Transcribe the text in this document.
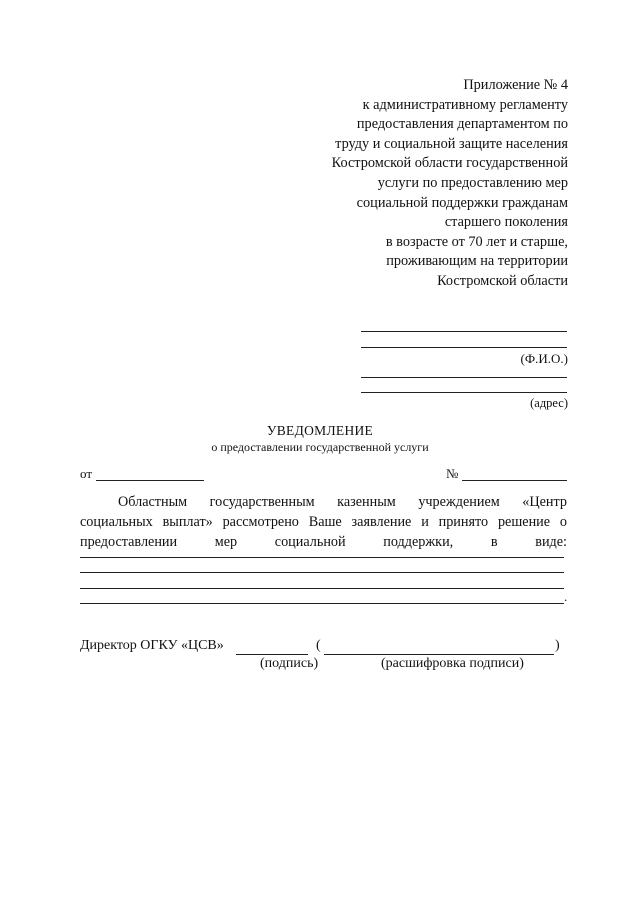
Приложение № 4
к административному регламенту
предоставления департаментом по
труду и социальной защите населения
Костромской области государственной
услуги по предоставлению мер
социальной поддержки гражданам
старшего поколения
в возрасте от 70 лет и старше,
проживающим на территории
Костромской области
(Ф.И.О.)
(адрес)
УВЕДОМЛЕНИЕ
о предоставлении государственной услуги
от	№
Областным государственным казенным учреждением «Центр
социальных выплат» рассмотрено Ваше заявление и принято решение о
предоставлении мер социальной поддержки, в виде:
.
Директор ОГКУ «ЦСВ»	(	)
(подпись)	(расшифровка подписи)
